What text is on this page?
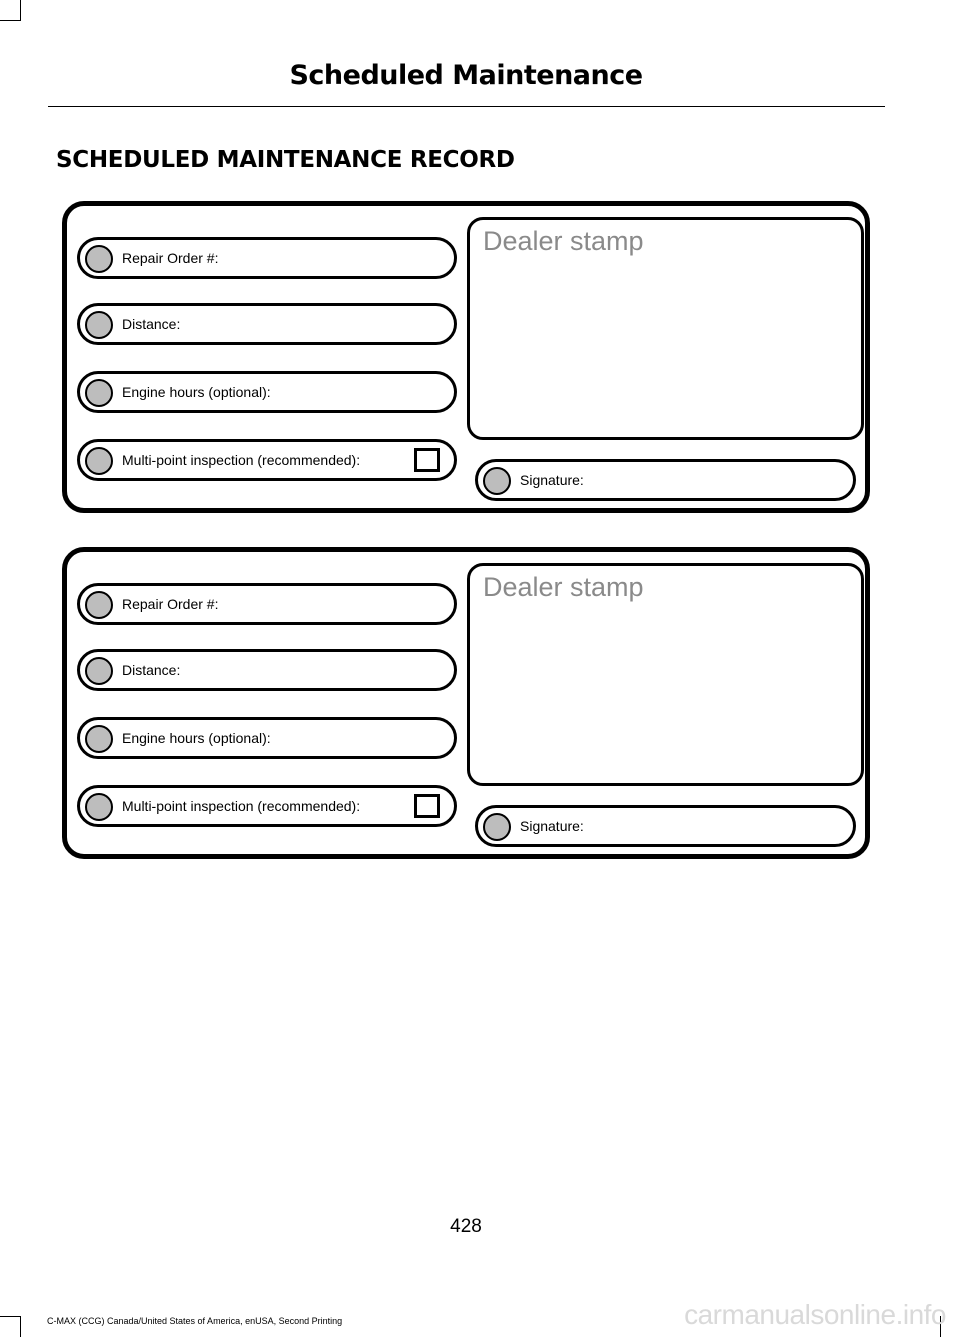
Scheduled Maintenance
SCHEDULED MAINTENANCE RECORD
Repair Order #:
Distance:
Engine hours (optional):
Multi-point inspection (recommended):
Dealer stamp
Signature:
Repair Order #:
Distance:
Engine hours (optional):
Multi-point inspection (recommended):
Dealer stamp
Signature:
428
C-MAX (CCG) Canada/United States of America, enUSA, Second Printing	carmanualsonline.info
